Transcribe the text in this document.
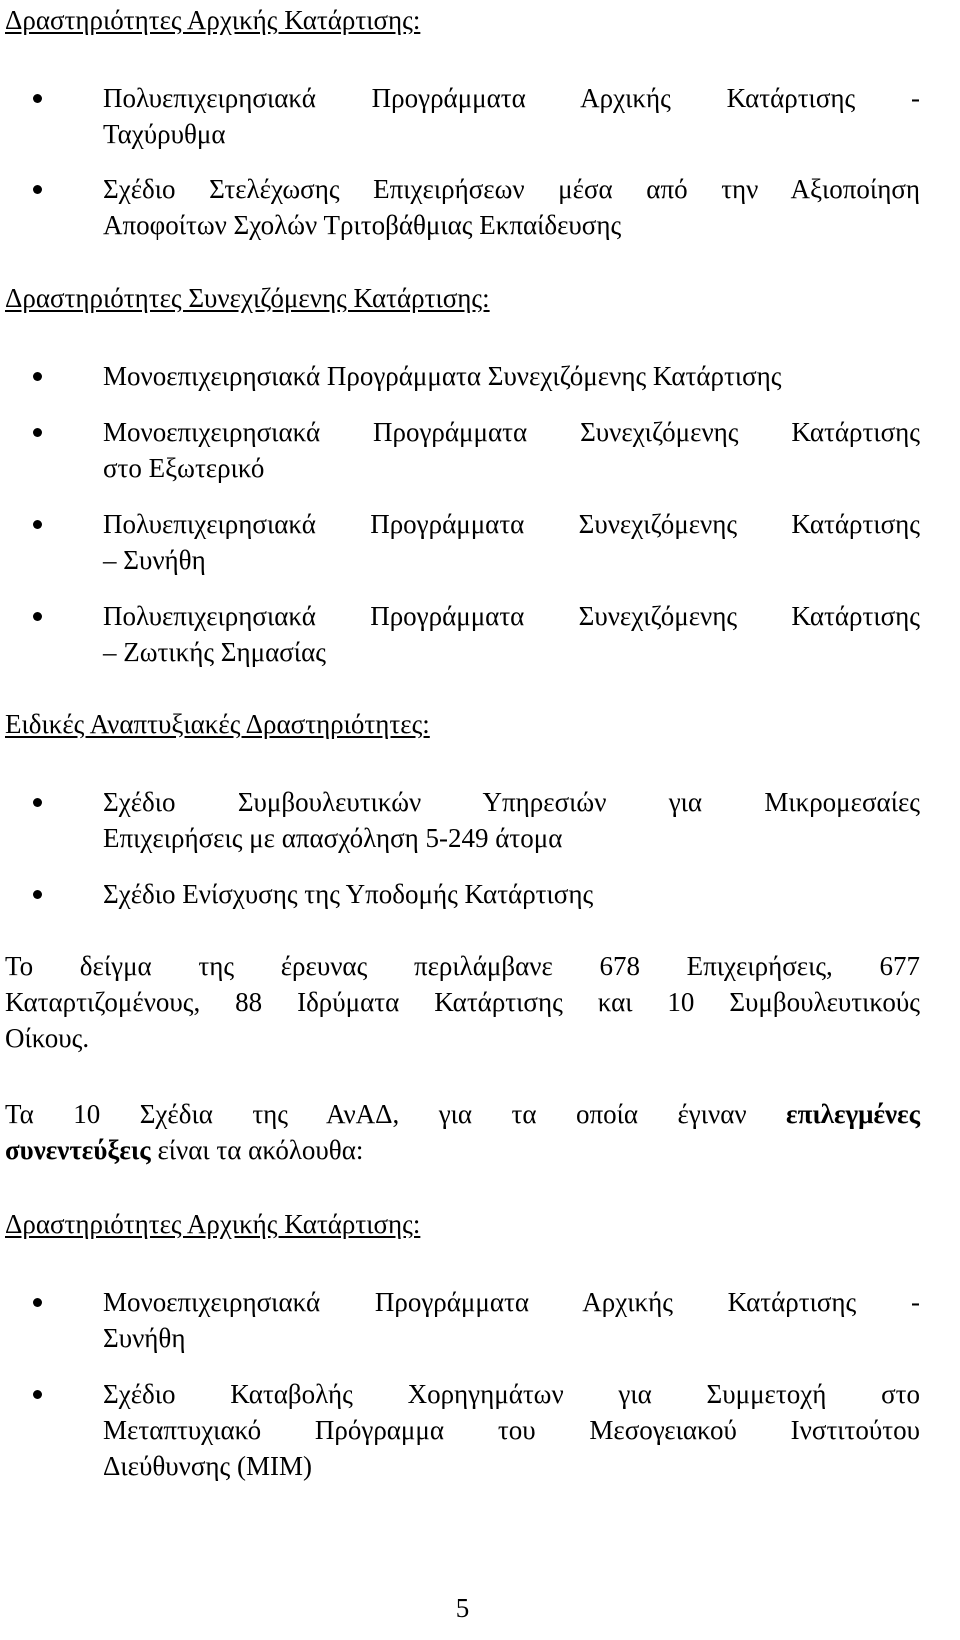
Δραστηριότητες Αρχικής Κατάρτισης:
Πολυεπιχειρησιακά Προγράμματα Αρχικής Κατάρτισης -
Ταχύρυθμα
Σχέδιο Στελέχωσης Επιχειρήσεων μέσα από την Αξιοποίηση
Αποφοίτων Σχολών Τριτοβάθμιας Εκπαίδευσης
Δραστηριότητες Συνεχιζόμενης Κατάρτισης:
Μονοεπιχειρησιακά Προγράμματα Συνεχιζόμενης Κατάρτισης
Μονοεπιχειρησιακά Προγράμματα Συνεχιζόμενης Κατάρτισης
στο Εξωτερικό
Πολυεπιχειρησιακά Προγράμματα Συνεχιζόμενης Κατάρτισης
– Συνήθη
Πολυεπιχειρησιακά Προγράμματα Συνεχιζόμενης Κατάρτισης
– Ζωτικής Σημασίας
Ειδικές Αναπτυξιακές Δραστηριότητες:
Σχέδιο Συμβουλευτικών Υπηρεσιών για Μικρομεσαίες
Επιχειρήσεις με απασχόληση 5-249 άτομα
Σχέδιο Ενίσχυσης της Υποδομής Κατάρτισης
Το δείγμα της έρευνας περιλάμβανε 678 Επιχειρήσεις, 677
Καταρτιζομένους, 88 Ιδρύματα Κατάρτισης και 10 Συμβουλευτικούς
Οίκους.
Τα 10 Σχέδια της ΑνΑΔ, για τα οποία έγιναν επιλεγμένες
συνεντεύξεις είναι τα ακόλουθα:
Δραστηριότητες Αρχικής Κατάρτισης:
Μονοεπιχειρησιακά Προγράμματα Αρχικής Κατάρτισης -
Συνήθη
Σχέδιο Καταβολής Χορηγημάτων για Συμμετοχή στο
Μεταπτυχιακό Πρόγραμμα του Μεσογειακού Ινστιτούτου
Διεύθυνσης (ΜΙΜ)
5
